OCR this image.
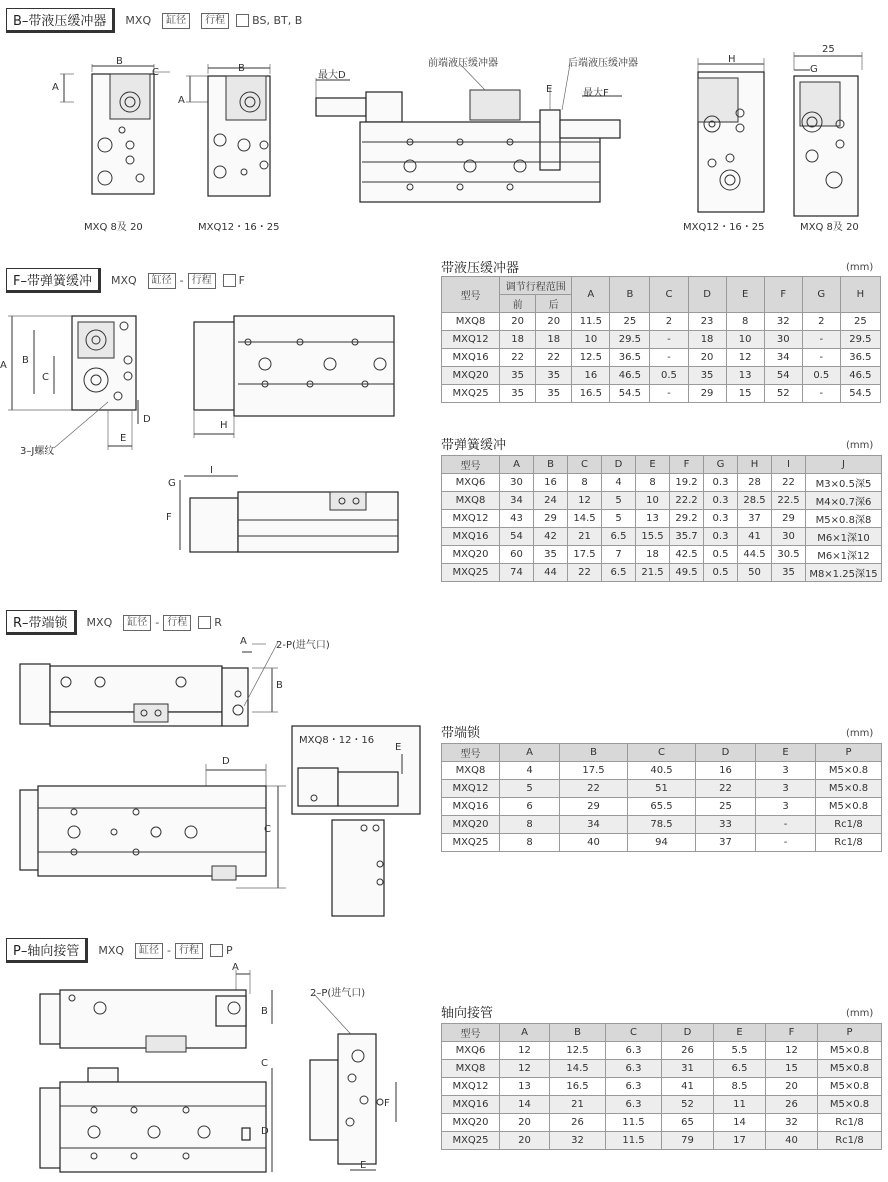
B–带液压缓冲器	MXQ	缸径	行程	BS, BT, B
B
C
A
MXQ 8及 20
B
A
MXQ12・16・25
前端液压缓冲器	后端液压缓冲器
最大D
E	最大F
H
MXQ12・16・25
25
G
MXQ 8及 20
F–带弹簧缓冲	MXQ	缸径 - 行程	F
A B
C
D
E
3–J螺纹
H
I
G
F
R–带端锁	MXQ	缸径 - 行程	R
A	2-P(进气口)
B
D
C
MXQ8・12・16
E
P–轴向接管	MXQ	缸径 - 行程	P
A
B
C
D
2–P(进气口)
F
E
带液压缓冲器	(mm)
型号	调节行程范围		A	B	C	D	E	F	G	H
	前	后								
MXQ8	20	20	11.5	25	2	23	8	32	2	25
MXQ12	18	18	10	29.5	-	18	10	30	-	29.5
MXQ16	22	22	12.5	36.5	-	20	12	34	-	36.5
MXQ20	35	35	16	46.5	0.5	35	13	54	0.5	46.5
MXQ25	35	35	16.5	54.5	-	29	15	52	-	54.5
带弹簧缓冲	(mm)
型号	A	B	C	D	E	F	G	H	I	J
MXQ6	30	16	8	4	8	19.2	0.3	28	22	M3×0.5深5
MXQ8	34	24	12	5	10	22.2	0.3	28.5	22.5	M4×0.7深6
MXQ12	43	29	14.5	5	13	29.2	0.3	37	29	M5×0.8深8
MXQ16	54	42	21	6.5	15.5	35.7	0.3	41	30	M6×1深10
MXQ20	60	35	17.5	7	18	42.5	0.5	44.5	30.5	M6×1深12
MXQ25	74	44	22	6.5	21.5	49.5	0.5	50	35	M8×1.25深15
带端锁	(mm)
型号	A	B	C	D	E	P
MXQ8	4	17.5	40.5	16	3	M5×0.8
MXQ12	5	22	51	22	3	M5×0.8
MXQ16	6	29	65.5	25	3	M5×0.8
MXQ20	8	34	78.5	33	-	Rc1/8
MXQ25	8	40	94	37	-	Rc1/8
轴向接管	(mm)
型号	A	B	C	D	E	F	P
MXQ6	12	12.5	6.3	26	5.5	12	M5×0.8
MXQ8	12	14.5	6.3	31	6.5	15	M5×0.8
MXQ12	13	16.5	6.3	41	8.5	20	M5×0.8
MXQ16	14	21	6.3	52	11	26	M5×0.8
MXQ20	20	26	11.5	65	14	32	Rc1/8
MXQ25	20	32	11.5	79	17	40	Rc1/8
